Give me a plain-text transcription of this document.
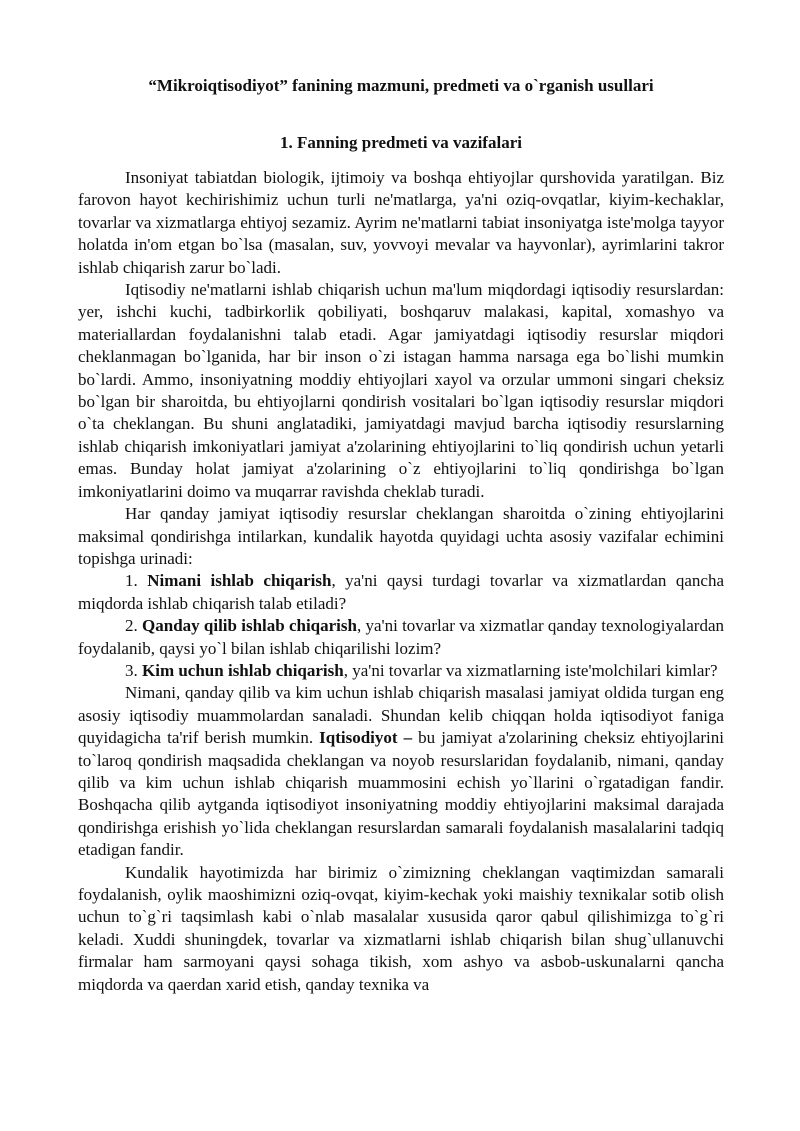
“Mikroiqtisodiyot” fanining mazmuni, predmeti va o`rganish usullari
1. Fanning predmeti va vazifalari

Insoniyat tabiatdan biologik, ijtimoiy va boshqa ehtiyojlar qurshovida yaratilgan. Biz farovon hayot kechirishimiz uchun turli ne'matlarga, ya'ni oziq-ovqatlar, kiyim-kechaklar, tovarlar va xizmatlarga ehtiyoj sezamiz. Ayrim ne'matlarni tabiat insoniyatga iste'molga tayyor holatda in'om etgan bo`lsa (masalan, suv, yovvoyi mevalar va hayvonlar), ayrimlarini takror ishlab chiqarish zarur bo`ladi.

Iqtisodiy ne'matlarni ishlab chiqarish uchun ma'lum miqdordagi iqtisodiy resurslardan: yer, ishchi kuchi, tadbirkorlik qobiliyati, boshqaruv malakasi, kapital, xomashyo va materiallardan foydalanishni talab etadi. Agar jamiyatdagi iqtisodiy resurslar miqdori cheklanmagan bo`lganida, har bir inson o`zi istagan hamma narsaga ega bo`lishi mumkin bo`lardi. Ammo, insoniyatning moddiy ehtiyojlari xayol va orzular ummoni singari cheksiz bo`lgan bir sharoitda, bu ehtiyojlarni qondirish vositalari bo`lgan iqtisodiy resurslar miqdori o`ta cheklangan. Bu shuni anglatadiki, jamiyatdagi mavjud barcha iqtisodiy resurslarning ishlab chiqarish imkoniyatlari jamiyat a'zolarining ehtiyojlarini to`liq qondirish uchun yetarli emas. Bunday holat jamiyat a'zolarining o`z ehtiyojlarini to`liq qondirishga bo`lgan imkoniyatlarini doimo va muqarrar ravishda cheklab turadi.

Har qanday jamiyat iqtisodiy resurslar cheklangan sharoitda o`zining ehtiyojlarini maksimal qondirishga intilarkan, kundalik hayotda quyidagi uchta asosiy vazifalar echimini topishga urinadi:

1. Nimani ishlab chiqarish, ya'ni qaysi turdagi tovarlar va xizmatlardan qancha miqdorda ishlab chiqarish talab etiladi?

2. Qanday qilib ishlab chiqarish, ya'ni tovarlar va xizmatlar qanday texnologiyalardan foydalanib, qaysi yo`l bilan ishlab chiqarilishi lozim?

3. Kim uchun ishlab chiqarish, ya'ni tovarlar va xizmatlarning iste'molchilari kimlar?

Nimani, qanday qilib va kim uchun ishlab chiqarish masalasi jamiyat oldida turgan eng asosiy iqtisodiy muammolardan sanaladi. Shundan kelib chiqqan holda iqtisodiyot faniga quyidagicha ta'rif berish mumkin. Iqtisodiyot – bu jamiyat a'zolarining cheksiz ehtiyojlarini to`laroq qondirish maqsadida cheklangan va noyob resurslaridan foydalanib, nimani, qanday qilib va kim uchun ishlab chiqarish muammosini echish yo`llarini o`rgatadigan fandir. Boshqacha qilib aytganda iqtisodiyot insoniyatning moddiy ehtiyojlarini maksimal darajada qondirishga erishish yo`lida cheklangan resurslardan samarali foydalanish masalalarini tadqiq etadigan fandir.

Kundalik hayotimizda har birimiz o`zimizning cheklangan vaqtimizdan samarali foydalanish, oylik maoshimizni oziq-ovqat, kiyim-kechak yoki maishiy texnikalar sotib olish uchun to`g`ri taqsimlash kabi o`nlab masalalar xususida qaror qabul qilishimizga to`g`ri keladi. Xuddi shuningdek, tovarlar va xizmatlarni ishlab chiqarish bilan shug`ullanuvchi firmalar ham sarmoyani qaysi sohaga tikish, xom ashyo va asbob-uskunalarni qancha miqdorda va qaerdan xarid etish, qanday texnika va
